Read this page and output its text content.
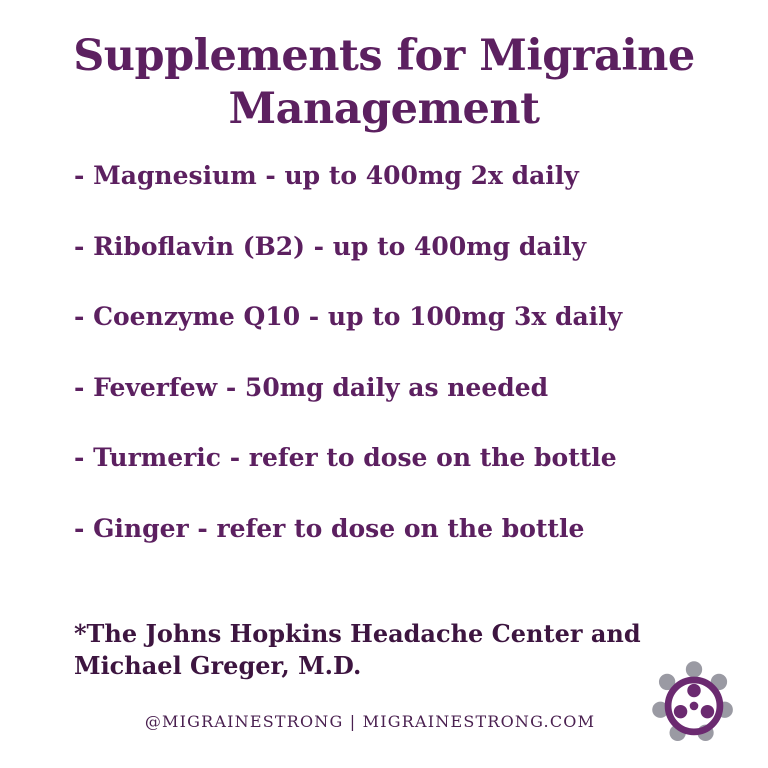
Supplements for Migraine Management
- Magnesium - up to 400mg 2x daily
- Riboflavin (B2) - up to 400mg daily
- Coenzyme Q10 - up to 100mg 3x daily
- Feverfew - 50mg daily as needed
- Turmeric - refer to dose on the bottle
- Ginger - refer to dose on the bottle
*The Johns Hopkins Headache Center and Michael Greger, M.D.
@MIGRAINESTRONG | MIGRAINESTRONG.COM
